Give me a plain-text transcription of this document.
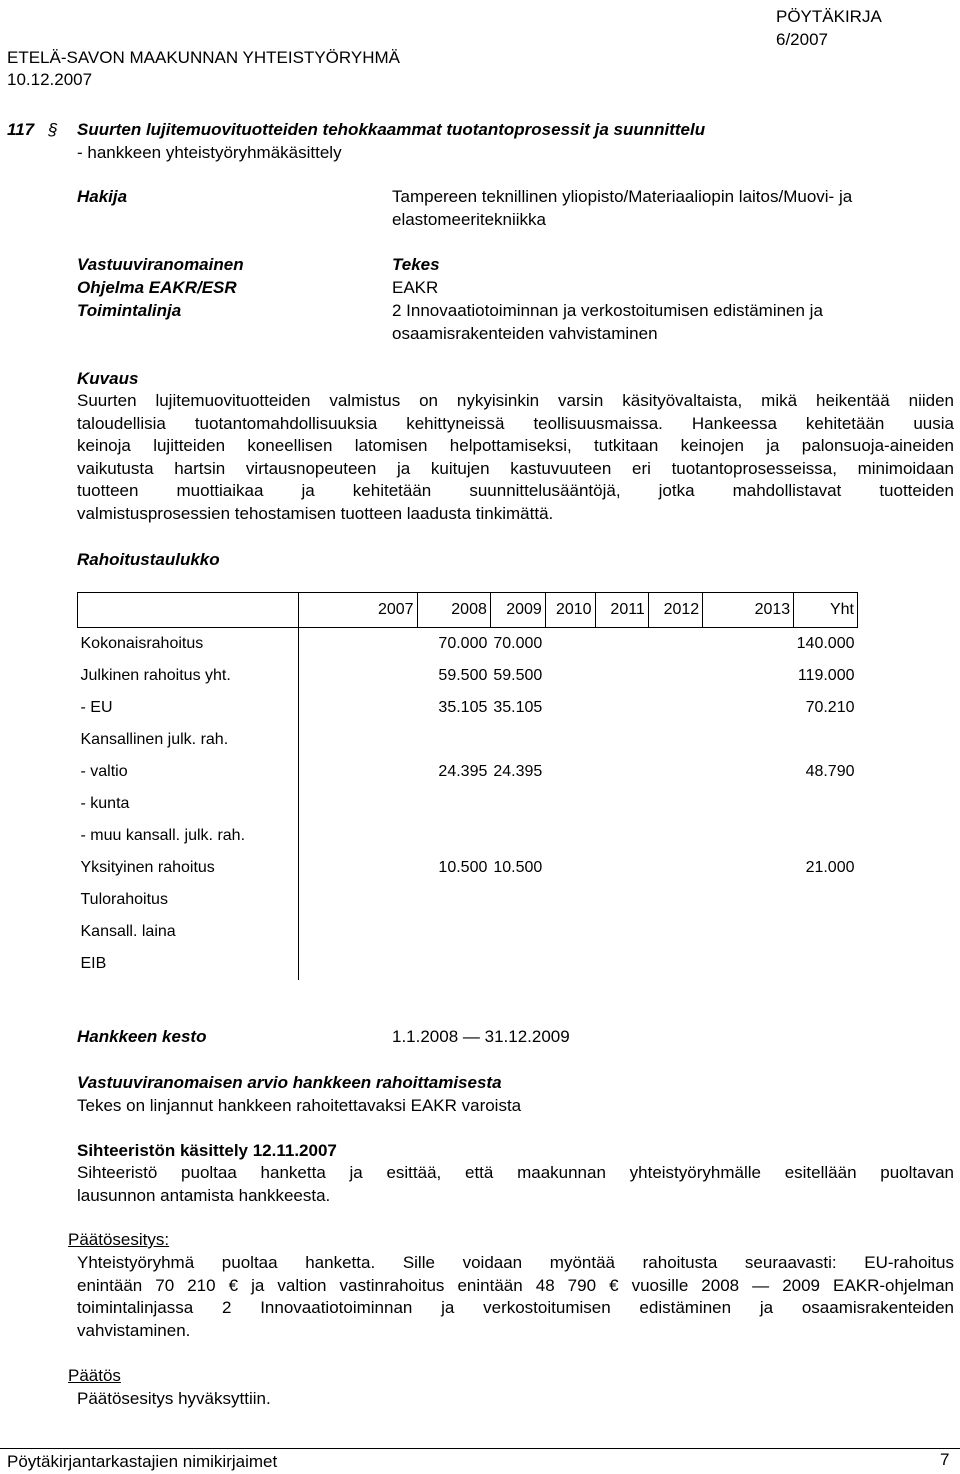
PÖYTÄKIRJA
6/2007
ETELÄ-SAVON MAAKUNNAN YHTEISTYÖRYHMÄ
10.12.2007
117 § Suurten lujitemuovituotteiden tehokkaammat tuotantoprosessit ja suunnittelu
- hankkeen yhteistyöryhmäkäsittely
Hakija	Tampereen teknillinen yliopisto/Materiaaliopin laitos/Muovi- ja
elastomeeritekniikka
Vastuuviranomainen	Tekes
Ohjelma EAKR/ESR	EAKR
Toimintalinja	2 Innovaatiotoiminnan ja verkostoitumisen edistäminen ja
osaamisrakenteiden vahvistaminen
Kuvaus
Suurten lujitemuovituotteiden valmistus on nykyisinkin varsin käsityövaltaista, mikä heikentää niiden
taloudellisia tuotantomahdollisuuksia kehittyneissä teollisuusmaissa. Hankeessa kehitetään uusia
keinoja lujitteiden koneellisen latomisen helpottamiseksi, tutkitaan keinojen ja palonsuoja-aineiden
vaikutusta hartsin virtausnopeuteen ja kuitujen kastuvuuteen eri tuotantoprosesseissa, minimoidaan
tuotteen muottiaikaa ja kehitetään suunnittelusääntöjä, jotka mahdollistavat tuotteiden
valmistusprosessien tehostamisen tuotteen laadusta tinkimättä.
Rahoitustaulukko
		2007	2008	2009	2010	2011	2012	2013	Yht
Kokonaisrahoitus			70.000	70.000					140.000
Julkinen rahoitus yht.			59.500	59.500					119.000
- EU			35.105	35.105					70.210
Kansallinen julk. rah.									
- valtio			24.395	24.395					48.790
- kunta									
- muu kansall. julk. rah.									
Yksityinen rahoitus			10.500	10.500					21.000
Tulorahoitus									
Kansall. laina									
EIB									
Hankkeen kesto	1.1.2008 — 31.12.2009
Vastuuviranomaisen arvio hankkeen rahoittamisesta
Tekes on linjannut hankkeen rahoitettavaksi EAKR varoista
Sihteeristön käsittely 12.11.2007
Sihteeristö puoltaa hanketta ja esittää, että maakunnan yhteistyöryhmälle esitellään puoltavan
lausunnon antamista hankkeesta.
Päätösesitys:
Yhteistyöryhmä puoltaa hanketta. Sille voidaan myöntää rahoitusta seuraavasti: EU-rahoitus
enintään 70 210 € ja valtion vastinrahoitus enintään 48 790 € vuosille 2008 — 2009 EAKR-ohjelman
toimintalinjassa 2 Innovaatiotoiminnan ja verkostoitumisen edistäminen ja osaamisrakenteiden
vahvistaminen.
Päätös
Päätösesitys hyväksyttiin.
Pöytäkirjantarkastajien nimikirjaimet	7
